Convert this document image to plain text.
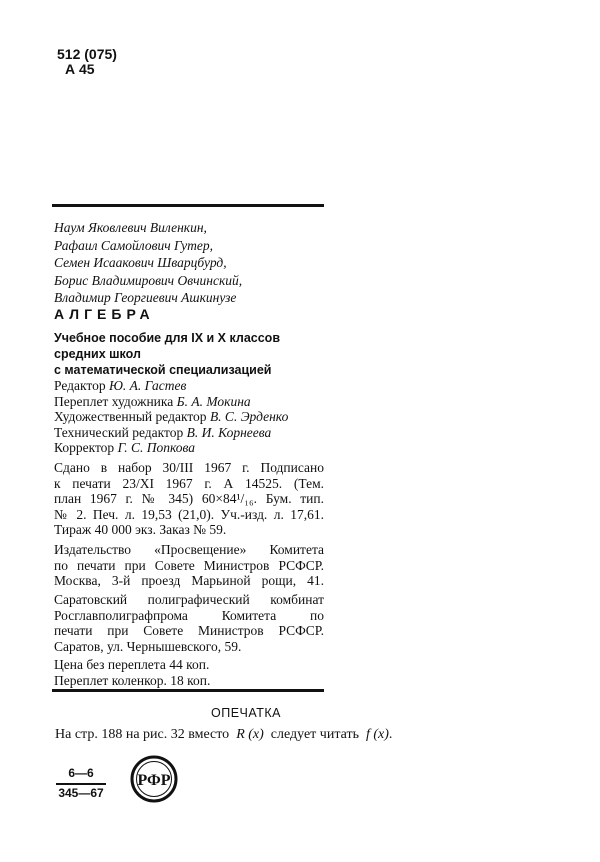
512 (075)
А 45
Наум Яковлевич Виленкин,
Рафаил Самойлович Гутер,
Семен Исаакович Шварцбурд,
Борис Владимирович Овчинский,
Владимир Георгиевич Ашкинузе
АЛГЕБРА
Учебное пособие для IX и X классов
средних школ
с математической специализацией
Редактор Ю. А. Гастев
Переплет художника Б. А. Мокина
Художественный редактор В. С. Эрденко
Технический редактор В. И. Корнеева
Корректор Г. С. Попкова
Сдано в набор 30/III 1967 г. Подписано
к печати 23/XI 1967 г. А 14525. (Тем.
план 1967 г. № 345) 60×84¹/₁₆. Бум. тип.
№ 2. Печ. л. 19,53 (21,0). Уч.-изд. л. 17,61.
Тираж 40 000 экз. Заказ № 59.
Издательство «Просвещение» Комитета
по печати при Совете Министров РСФСР.
Москва, 3-й проезд Марьиной рощи, 41.
Саратовский полиграфический комбинат
Росглавполиграфпрома Комитета по
печати при Совете Министров РСФСР.
Саратов, ул. Чернышевского, 59.
Цена без переплета 44 коп.
Переплет коленкор. 18 коп.
ОПЕЧАТКА
На стр. 188 на рис. 32 вместо R (x) следует читать f (x).
6—6
345—67
РФР
